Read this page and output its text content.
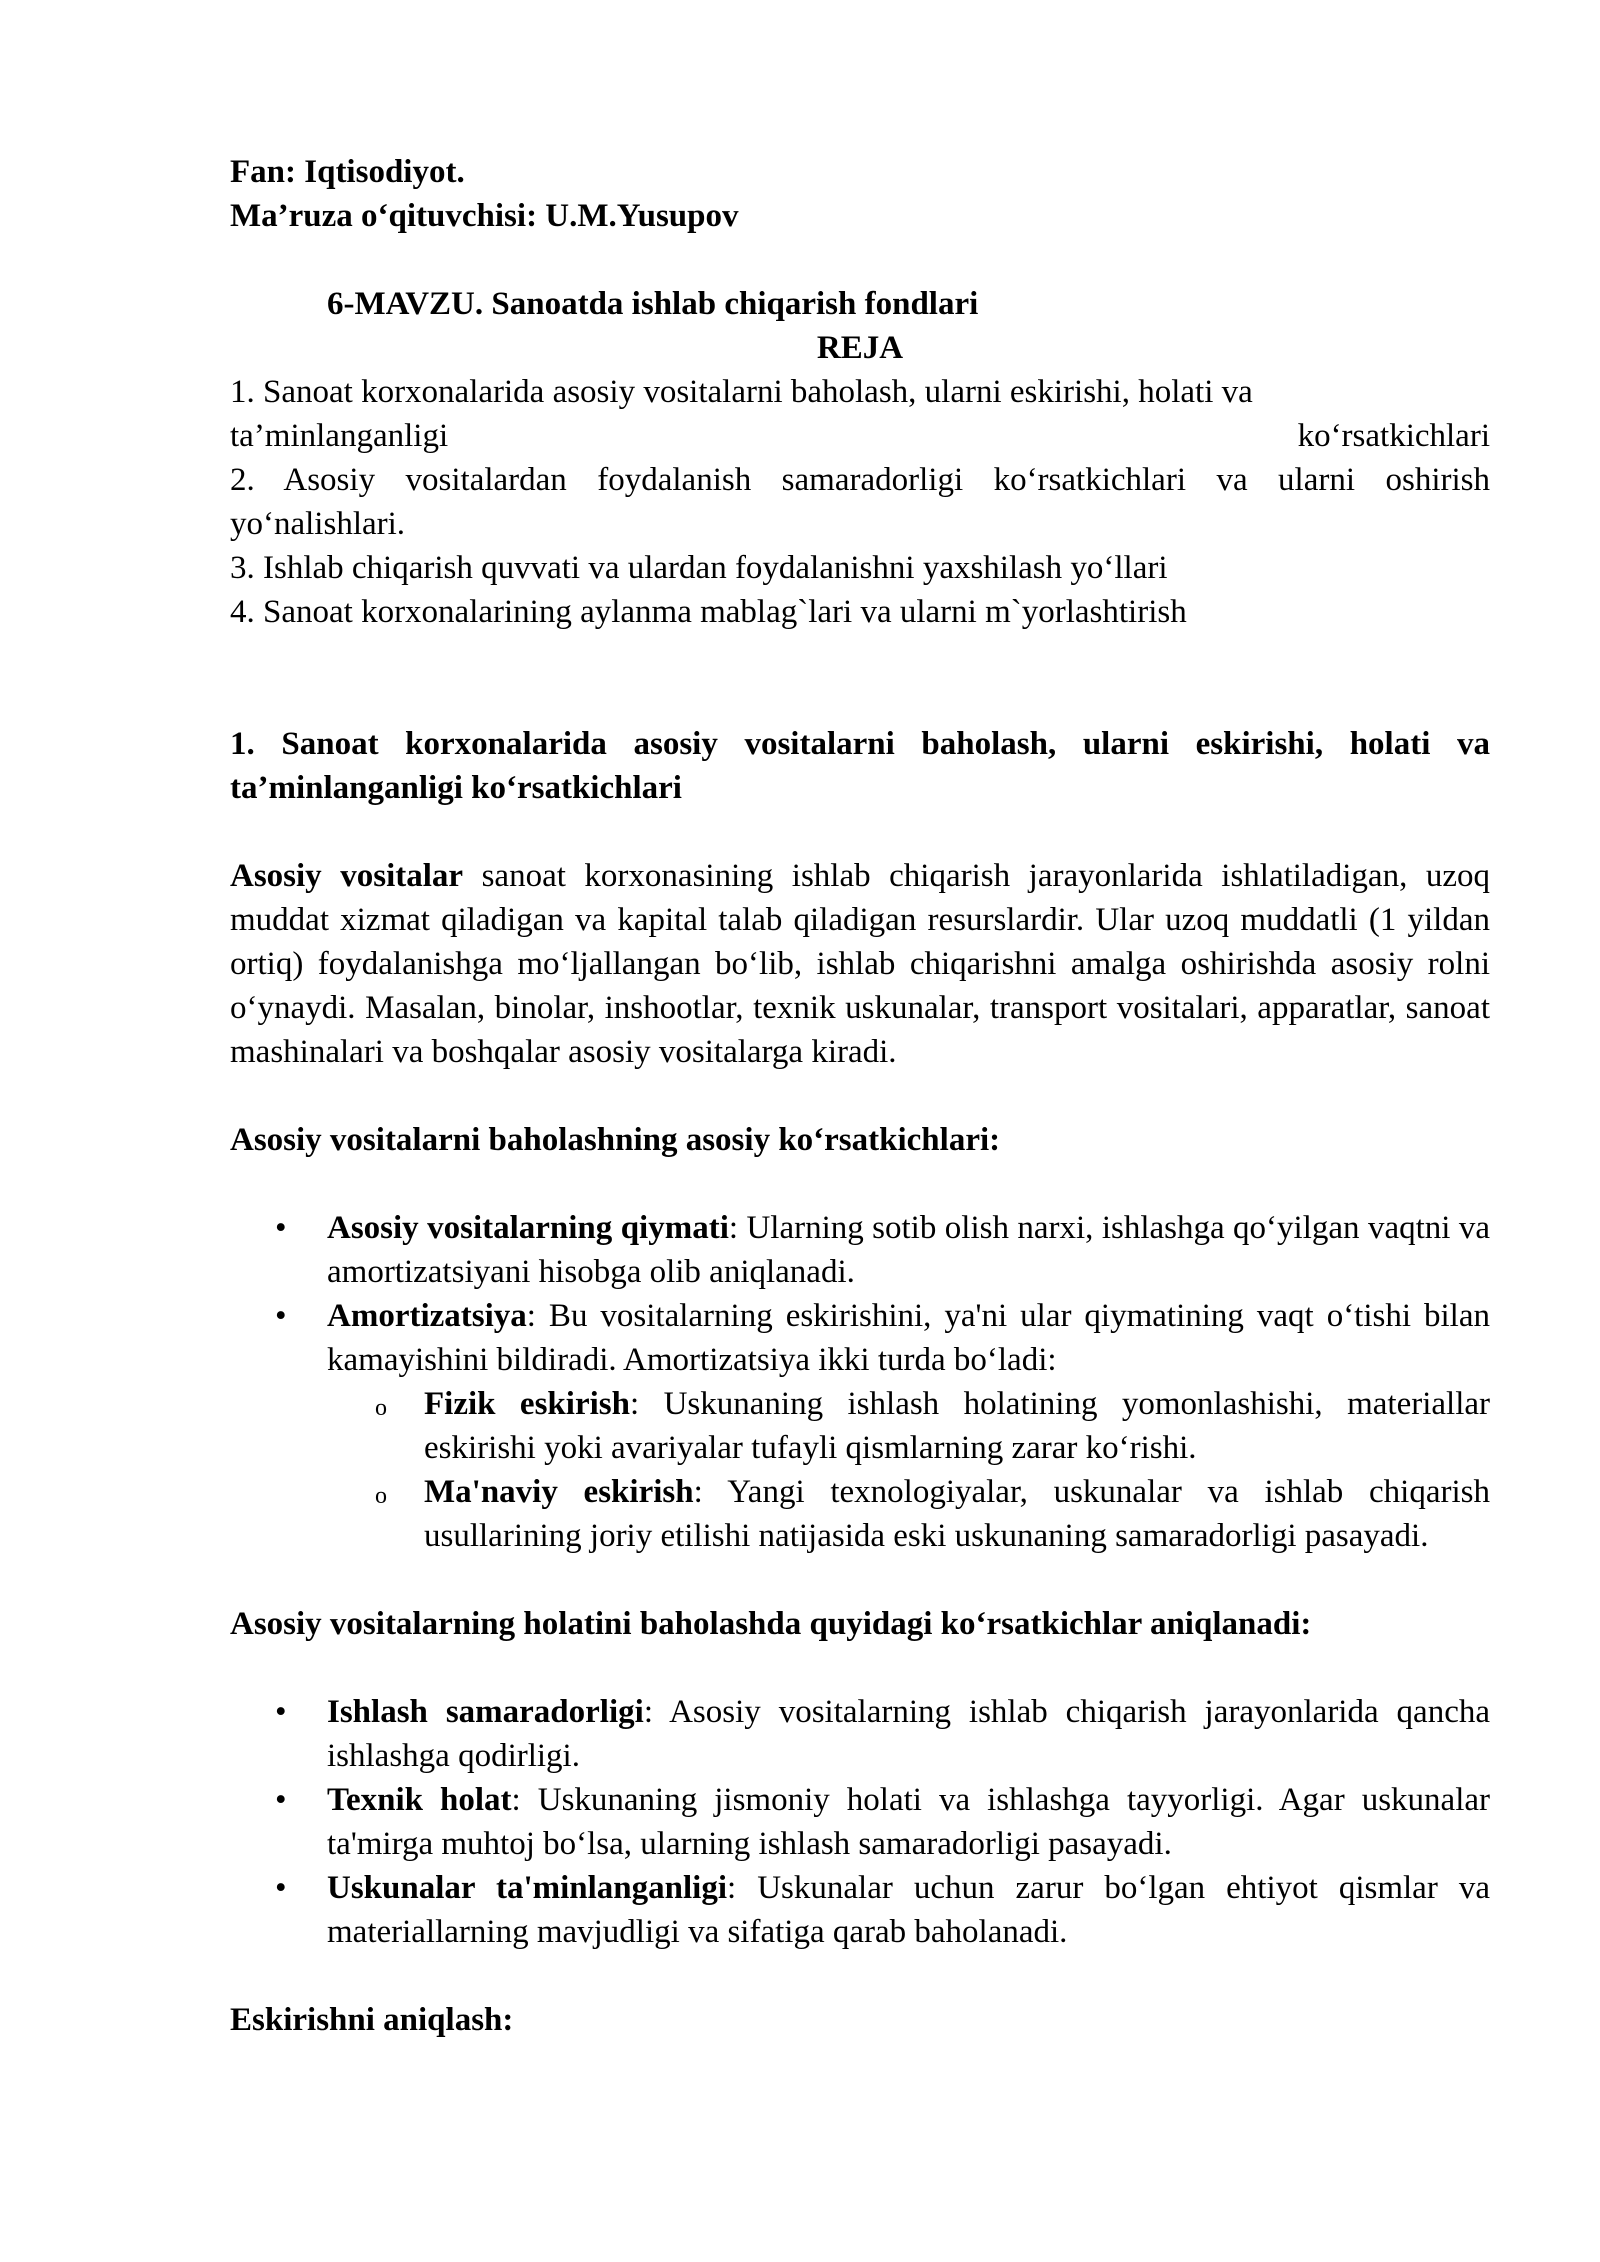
Fan: Iqtisodiyot.

Ma’ruza o‘qituvchisi: U.M.Yusupov

6-MAVZU. Sanoatda ishlab chiqarish fondlari

REJA

1. Sanoat korxonalarida asosiy vositalarni baholash, ularni eskirishi, holati va

ta’minlanganligi	ko‘rsatkichlari

2. Asosiy vositalardan foydalanish samaradorligi ko‘rsatkichlari va ularni oshirish yo‘nalishlari.

3. Ishlab chiqarish quvvati va ulardan foydalanishni yaxshilash yo‘llari

4. Sanoat korxonalarining aylanma mablag`lari va ularni m`yorlashtirish

1. Sanoat korxonalarida asosiy vositalarni baholash, ularni eskirishi, holati va ta’minlanganligi ko‘rsatkichlari

Asosiy vositalar sanoat korxonasining ishlab chiqarish jarayonlarida ishlatiladigan, uzoq muddat xizmat qiladigan va kapital talab qiladigan resurslardir. Ular uzoq muddatli (1 yildan ortiq) foydalanishga mo‘ljallangan bo‘lib, ishlab chiqarishni amalga oshirishda asosiy rolni o‘ynaydi. Masalan, binolar, inshootlar, texnik uskunalar, transport vositalari, apparatlar, sanoat mashinalari va boshqalar asosiy vositalarga kiradi.

Asosiy vositalarni baholashning asosiy ko‘rsatkichlari:

• Asosiy vositalarning qiymati: Ularning sotib olish narxi, ishlashga qo‘yilgan vaqtni va amortizatsiyani hisobga olib aniqlanadi.
• Amortizatsiya: Bu vositalarning eskirishini, ya'ni ular qiymatining vaqt o‘tishi bilan kamayishini bildiradi. Amortizatsiya ikki turda bo‘ladi:
o Fizik eskirish: Uskunaning ishlash holatining yomonlashishi, materiallar eskirishi yoki avariyalar tufayli qismlarning zarar ko‘rishi.
o Ma'naviy eskirish: Yangi texnologiyalar, uskunalar va ishlab chiqarish usullarining joriy etilishi natijasida eski uskunaning samaradorligi pasayadi.

Asosiy vositalarning holatini baholashda quyidagi ko‘rsatkichlar aniqlanadi:

• Ishlash samaradorligi: Asosiy vositalarning ishlab chiqarish jarayonlarida qancha ishlashga qodirligi.
• Texnik holat: Uskunaning jismoniy holati va ishlashga tayyorligi. Agar uskunalar ta'mirga muhtoj bo‘lsa, ularning ishlash samaradorligi pasayadi.
• Uskunalar ta'minlanganligi: Uskunalar uchun zarur bo‘lgan ehtiyot qismlar va materiallarning mavjudligi va sifatiga qarab baholanadi.

Eskirishni aniqlash:
